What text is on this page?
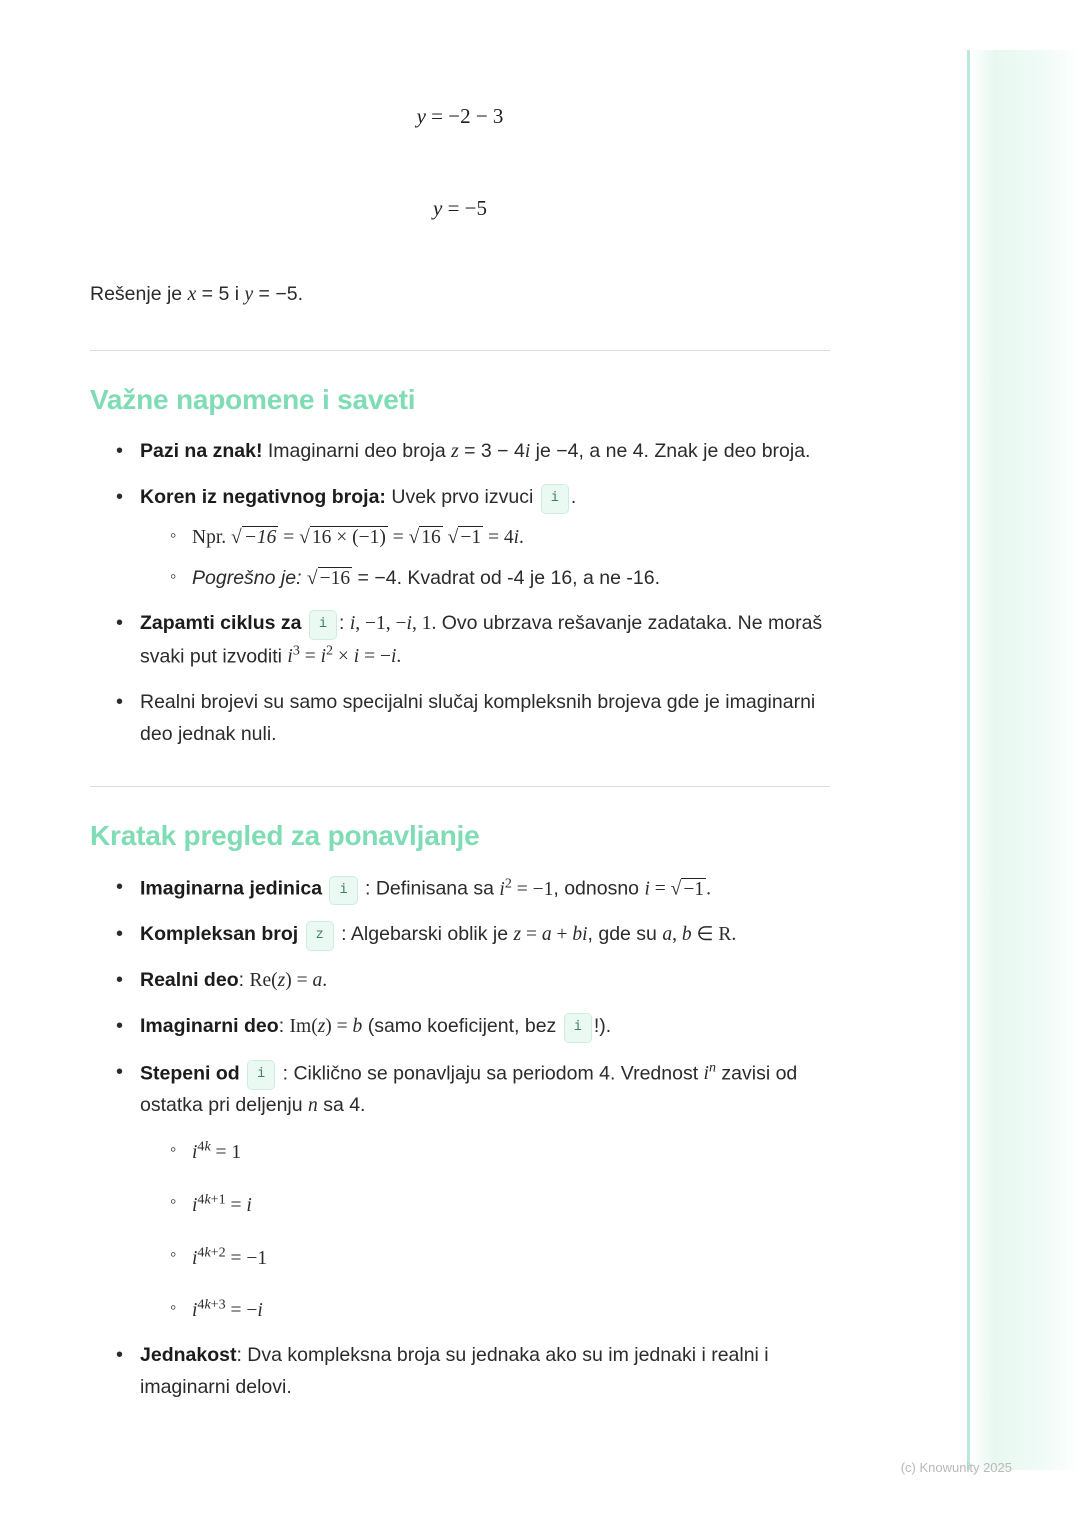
y = −2 − 3
y = −5
Rešenje je x = 5 i y = −5.
Važne napomene i saveti
• Pazi na znak! Imaginarni deo broja z = 3 − 4i je −4, a ne 4. Znak je deo broja.
• Koren iz negativnog broja: Uvek prvo izvuci i .
◦ Npr. √ −16 = √ 16 × (−1) = √ 16 √ −1 = 4i.
◦ Pogrešno je: √ −16 = −4. Kvadrat od -4 je 16, a ne -16.
• Zapamti ciklus za i : i, −1, −i, 1. Ovo ubrzava rešavanje zadataka. Ne moraš svaki put izvoditi $i^3 = i^2 \times i = -i$.
• Realni brojevi su samo specijalni slučaj kompleksnih brojeva gde je imaginarni deo jednak nuli.
Kratak pregled za ponavljanje
• Imaginarna jedinica i : Definisana sa $i^2 = -1$, odnosno i = √ −1 .
• Kompleksan broj z : Algebarski oblik je z = a + bi, gde su a, b ∈ R.
• Realni deo: Re(z) = a.
• Imaginarni deo: Im(z) = b (samo koeficijent, bez i !).
• Stepeni od i : Ciklično se ponavljaju sa periodom 4. Vrednost $i^n$ zavisi od ostatka pri deljenju n sa 4.
◦ $i^{4k} = 1$
◦ $i^{4k+1} = i$
◦ $i^{4k+2} = -1$
◦ $i^{4k+3} = -i$
• Jednakost: Dva kompleksna broja su jednaka ako su im jednaki i realni i imaginarni delovi.
(c) Knowunity 2025
